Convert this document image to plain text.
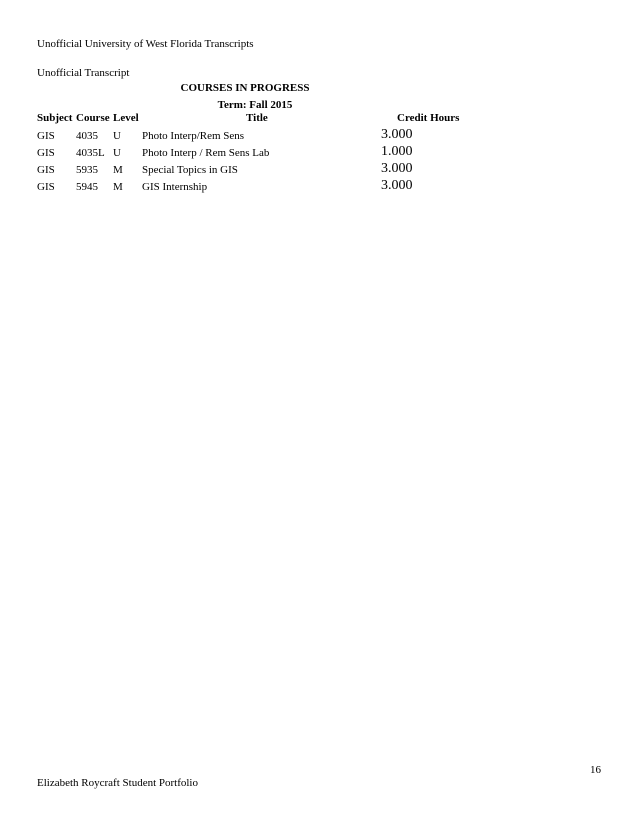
Unofficial University of West Florida Transcripts
Unofficial Transcript
COURSES IN PROGRESS
Term: Fall 2015
Subject Course Level	Title	Credit Hours
GIS 4035 U Photo Interp/Rem Sens	3.000
GIS 4035L U Photo Interp / Rem Sens Lab	1.000
GIS 5935 M Special Topics in GIS	3.000
GIS 5945 M GIS Internship	3.000
16
Elizabeth Roycraft Student Portfolio
